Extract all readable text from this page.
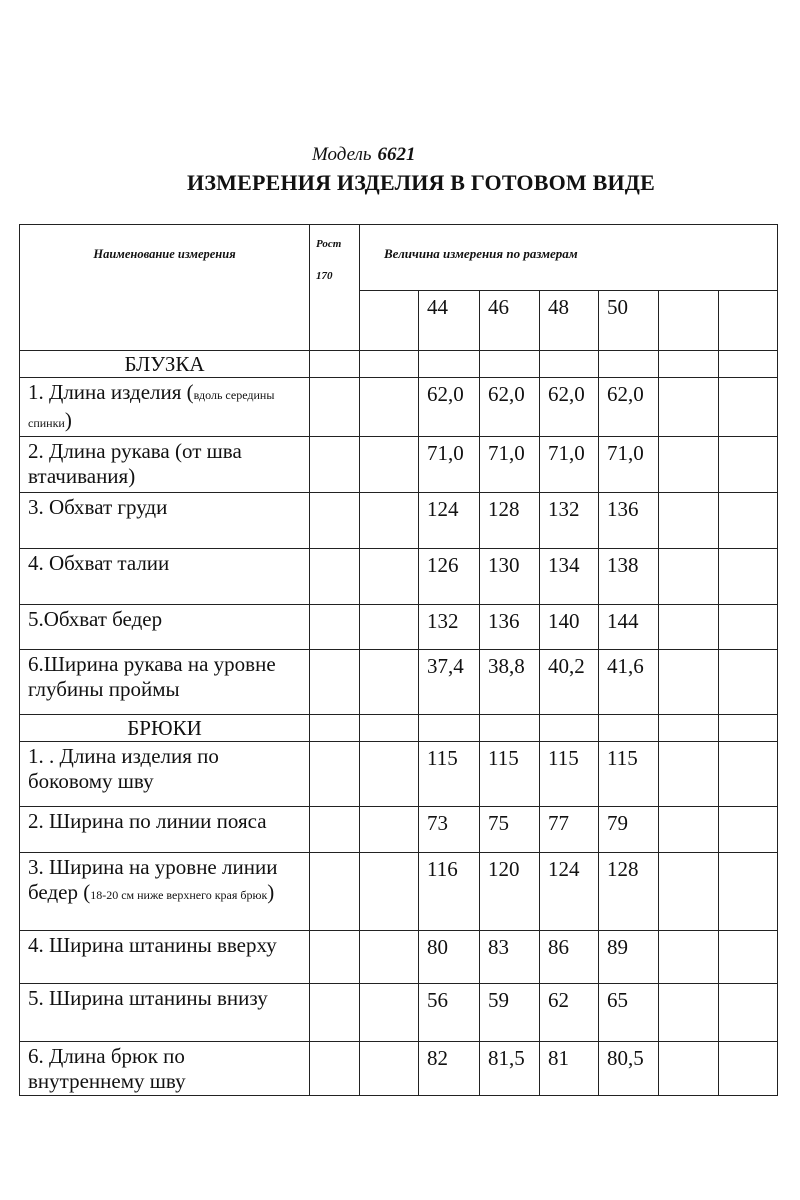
Модель 6621
ИЗМЕРЕНИЯ ИЗДЕЛИЯ В ГОТОВОМ ВИДЕ
Наименование измерения	Рост
170	Величина измерения по размерам						
			44	46	48	50		
БЛУЗКА								
1. Длина изделия (вдоль середины спинки)			62,0	62,0	62,0	62,0		
2. Длина рукава (от шва втачивания)			71,0	71,0	71,0	71,0		
3. Обхват груди			124	128	132	136		
4. Обхват талии			126	130	134	138		
5.Обхват бедер			132	136	140	144		
6.Ширина рукава на уровне глубины проймы			37,4	38,8	40,2	41,6		
БРЮКИ								
1. . Длина изделия по боковому шву			115	115	115	115		
2. Ширина по линии пояса			73	75	77	79		
3. Ширина на уровне линии бедер (18-20 см ниже верхнего края брюк)			116	120	124	128		
4. Ширина штанины вверху			80	83	86	89		
5. Ширина штанины внизу			56	59	62	65		
6. Длина брюк по внутреннему шву			82	81,5	81	80,5		
